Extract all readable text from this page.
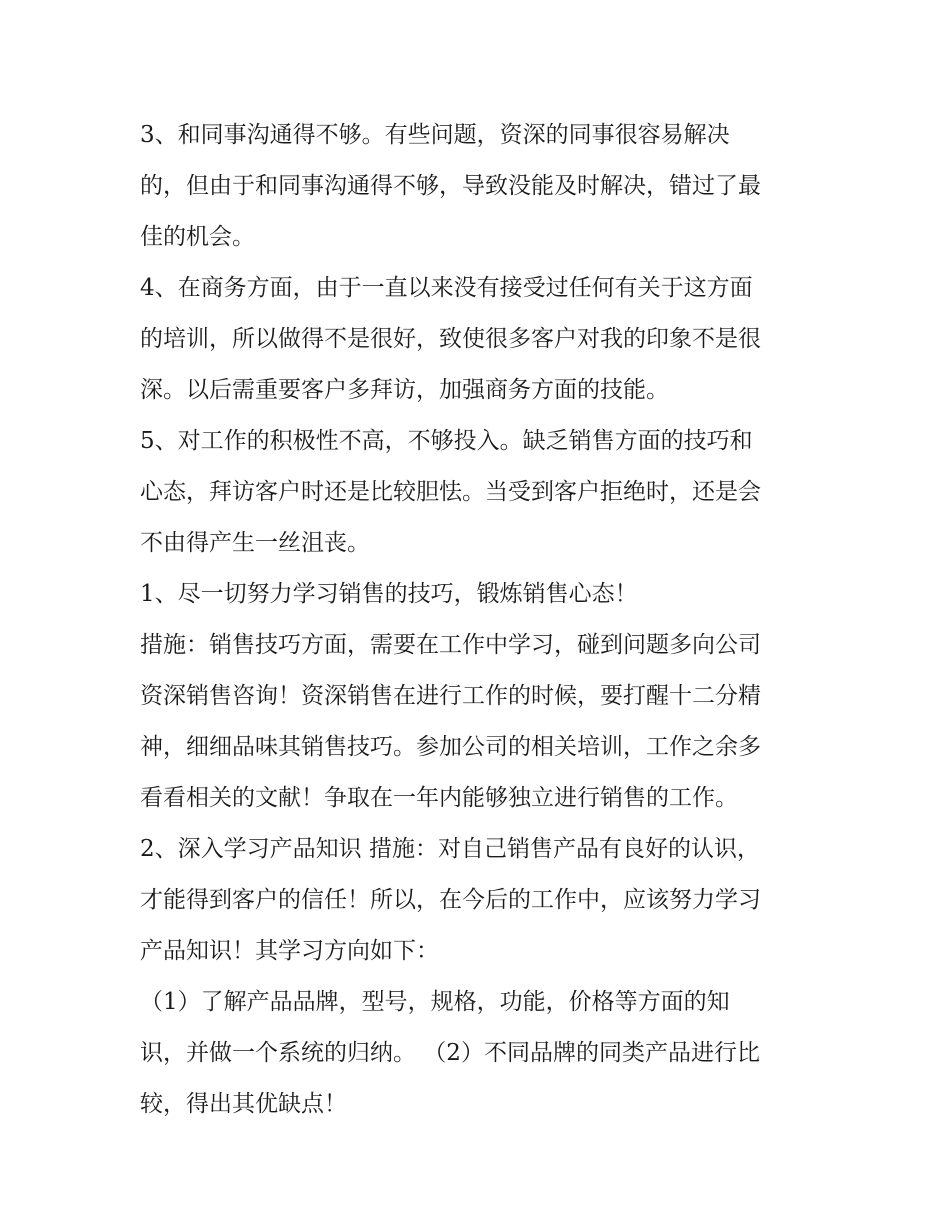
3、和同事沟通得不够。有些问题，资深的同事很容易解决
的，但由于和同事沟通得不够，导致没能及时解决，错过了最
佳的机会。
4、在商务方面，由于一直以来没有接受过任何有关于这方面
的培训，所以做得不是很好，致使很多客户对我的印象不是很
深。以后需重要客户多拜访，加强商务方面的技能。
5、对工作的积极性不高，不够投入。缺乏销售方面的技巧和
心态，拜访客户时还是比较胆怯。当受到客户拒绝时，还是会
不由得产生一丝沮丧。
1、尽一切努力学习销售的技巧，锻炼销售心态！
措施：销售技巧方面，需要在工作中学习，碰到问题多向公司
资深销售咨询！资深销售在进行工作的时候，要打醒十二分精
神，细细品味其销售技巧。参加公司的相关培训，工作之余多
看看相关的文献！争取在一年内能够独立进行销售的工作。
2、深入学习产品知识 措施：对自己销售产品有良好的认识，
才能得到客户的信任！所以，在今后的工作中，应该努力学习
产品知识！其学习方向如下：
（1）了解产品品牌，型号，规格，功能，价格等方面的知
识，并做一个系统的归纳。 （2）不同品牌的同类产品进行比
较，得出其优缺点！
